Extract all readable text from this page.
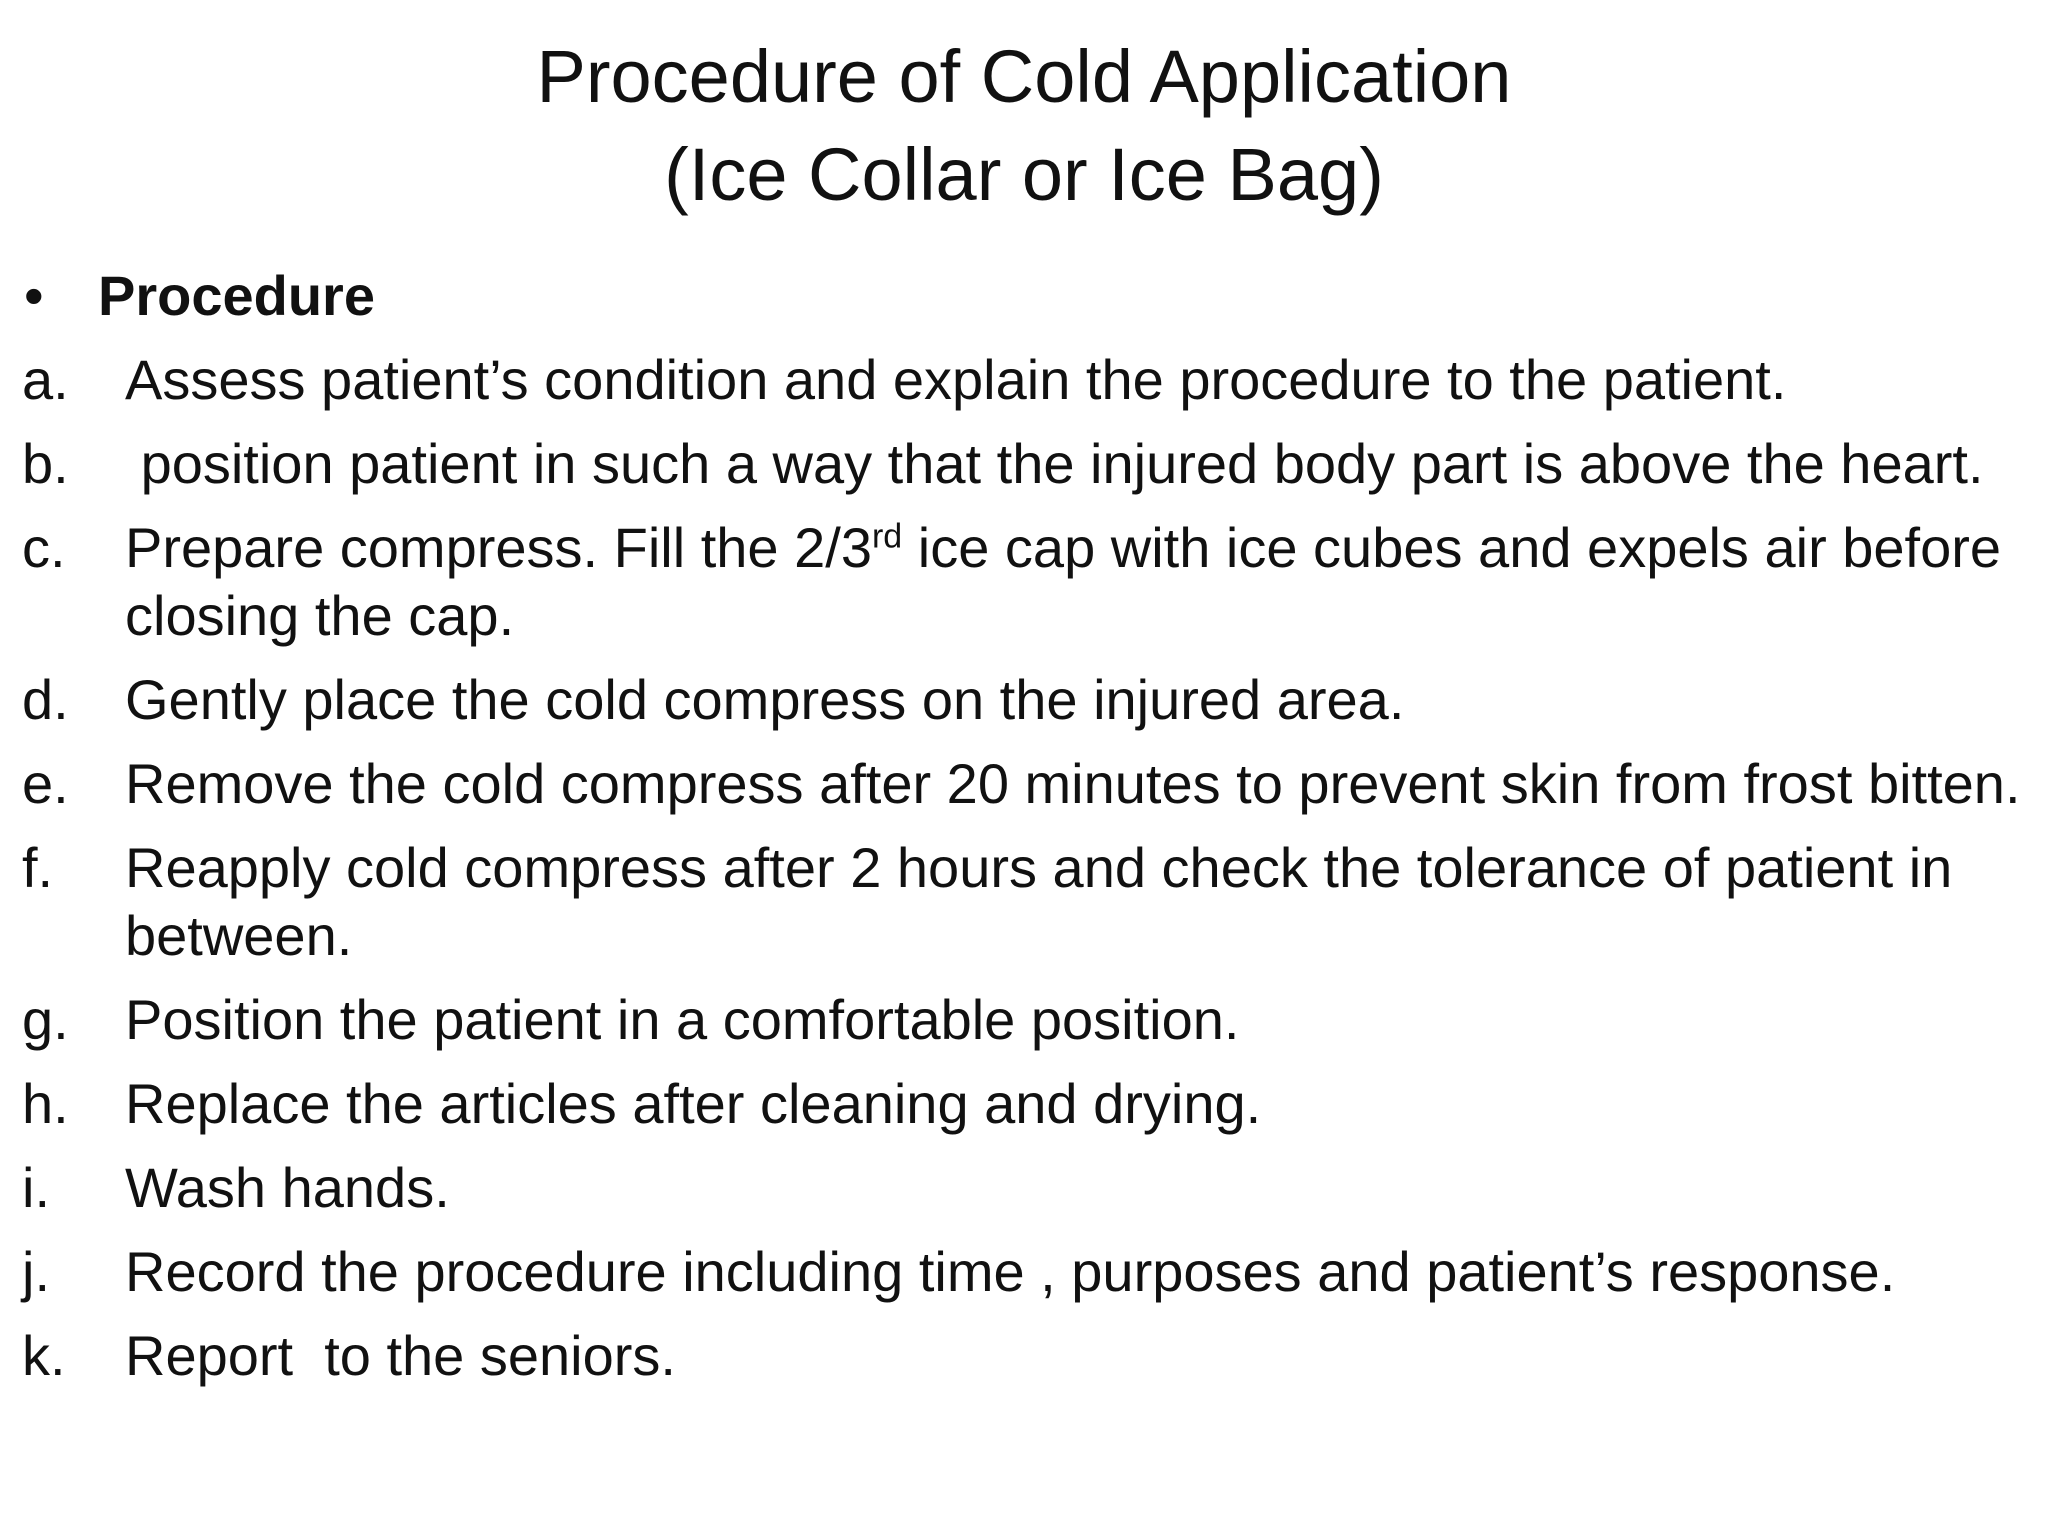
Procedure of Cold Application
(Ice Collar or Ice Bag)
• Procedure
a.	Assess patient’s condition and explain the procedure to the patient.
b.	position patient in such a way that the injured body part is above the heart.
c.	Prepare compress. Fill the 2/3rd ice cap with ice cubes and expels air before closing the cap.
d.	Gently place the cold compress on the injured area.
e.	Remove the cold compress after 20 minutes to prevent skin from frost bitten.
f.	Reapply cold compress after 2 hours and check the tolerance of patient in between.
g.	Position the patient in a comfortable position.
h.	Replace the articles after cleaning and drying.
i.	Wash hands.
j.	Record the procedure including time , purposes and patient’s response.
k.	Report  to the seniors.
